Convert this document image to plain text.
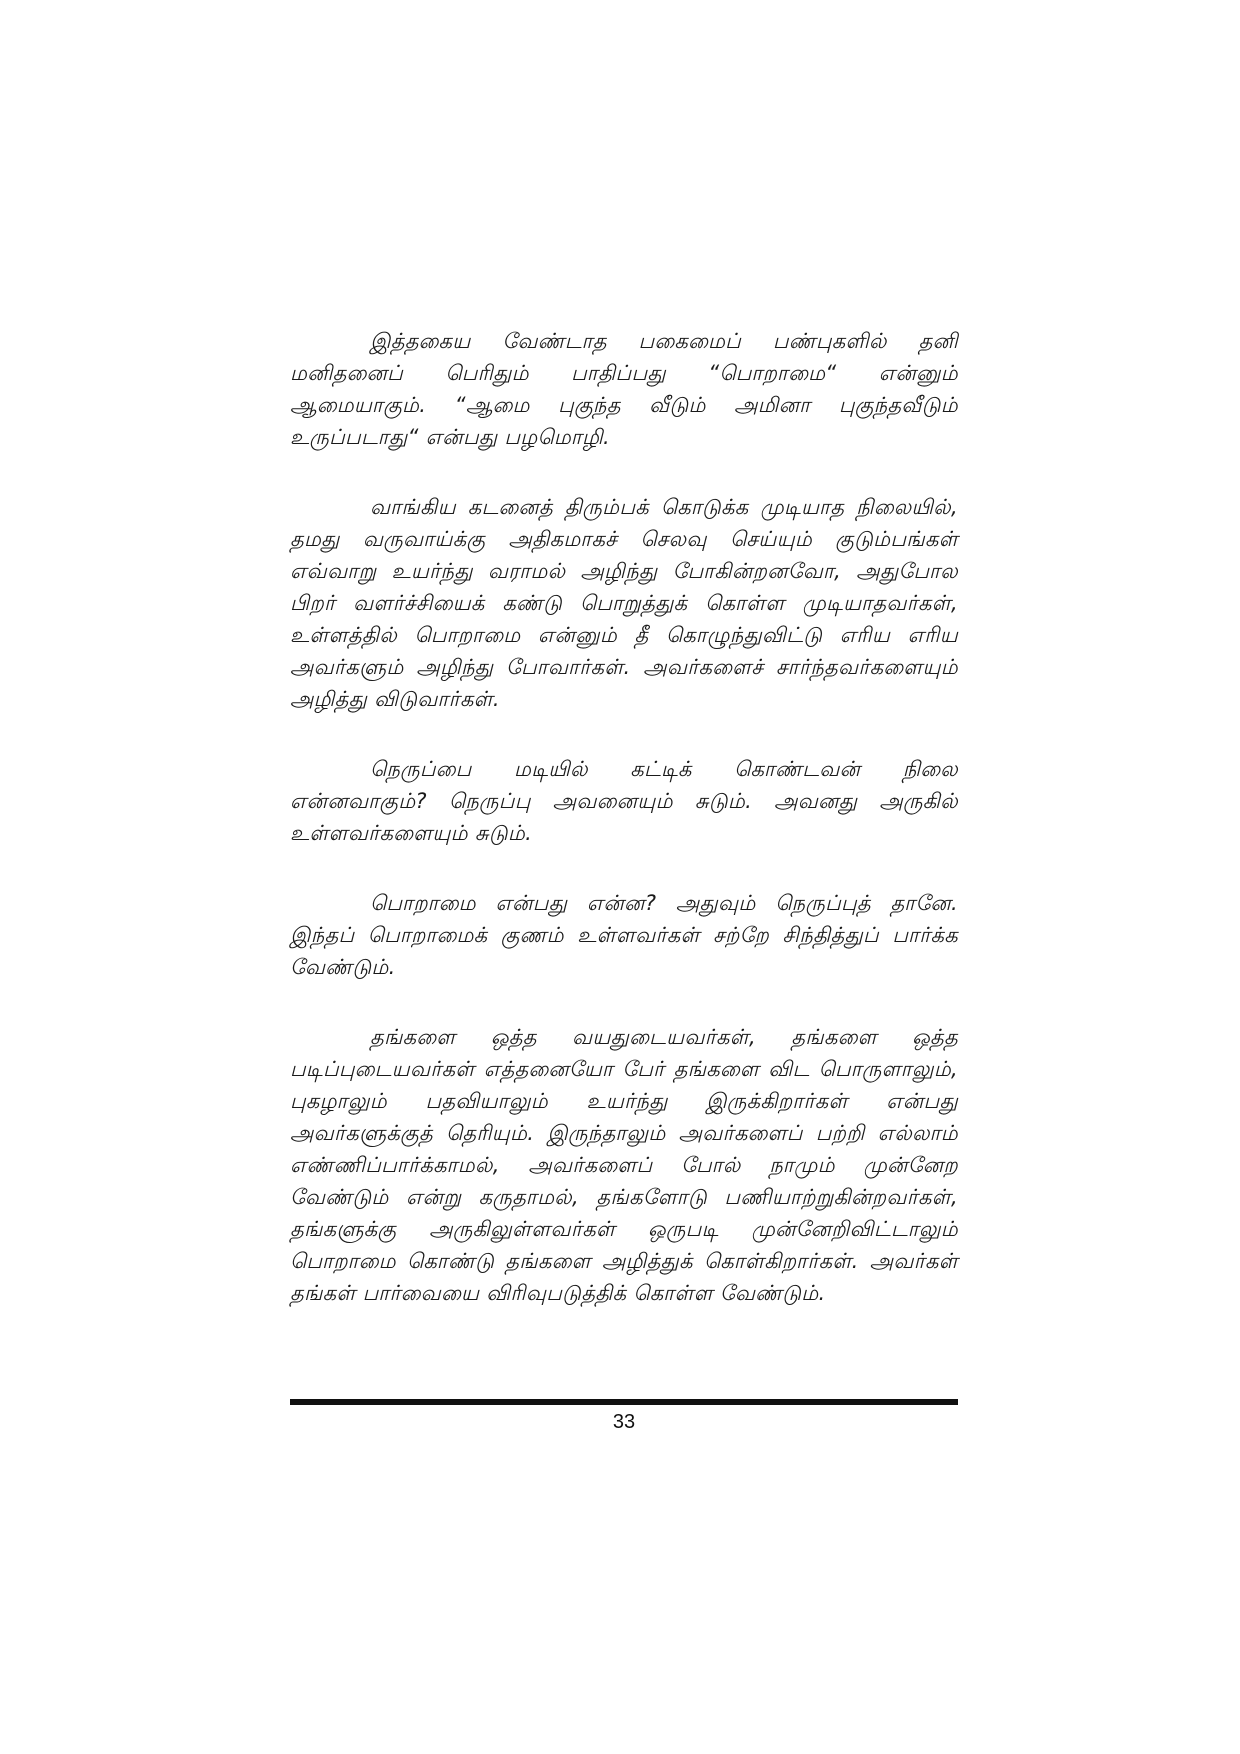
இத்தகைய வேண்டாத பகைமைப் பண்புகளில் தனி மனிதனைப் பெரிதும் பாதிப்பது “பொறாமை“ என்னும் ஆமையாகும். “ஆமை புகுந்த வீடும் அமினா புகுந்தவீடும் உருப்படாது“ என்பது பழமொழி.

வாங்கிய கடனைத் திரும்பக் கொடுக்க முடியாத நிலையில், தமது வருவாய்க்கு அதிகமாகச் செலவு செய்யும் குடும்பங்கள் எவ்வாறு உயர்ந்து வராமல் அழிந்து போகின்றனவோ, அதுபோல பிறர் வளர்ச்சியைக் கண்டு பொறுத்துக் கொள்ள முடியாதவர்கள், உள்ளத்தில் பொறாமை என்னும் தீ கொழுந்துவிட்டு எரிய எரிய அவர்களும் அழிந்து போவார்கள். அவர்களைச் சார்ந்தவர்களையும் அழித்து விடுவார்கள்.

நெருப்பை மடியில் கட்டிக் கொண்டவன் நிலை என்னவாகும்? நெருப்பு அவனையும் சுடும். அவனது அருகில் உள்ளவர்களையும் சுடும்.

பொறாமை என்பது என்ன? அதுவும் நெருப்புத் தானே. இந்தப் பொறாமைக் குணம் உள்ளவர்கள் சற்றே சிந்தித்துப் பார்க்க வேண்டும்.

தங்களை ஒத்த வயதுடையவர்கள், தங்களை ஒத்த படிப்புடையவர்கள் எத்தனையோ பேர் தங்களை விட பொருளாலும், புகழாலும் பதவியாலும் உயர்ந்து இருக்கிறார்கள் என்பது அவர்களுக்குத் தெரியும். இருந்தாலும் அவர்களைப் பற்றி எல்லாம் எண்ணிப்பார்க்காமல், அவர்களைப் போல் நாமும் முன்னேற வேண்டும் என்று கருதாமல், தங்களோடு பணியாற்றுகின்றவர்கள், தங்களுக்கு அருகிலுள்ளவர்கள் ஒருபடி முன்னேறிவிட்டாலும் பொறாமை கொண்டு தங்களை அழித்துக் கொள்கிறார்கள். அவர்கள் தங்கள் பார்வையை விரிவுபடுத்திக் கொள்ள வேண்டும்.

33
